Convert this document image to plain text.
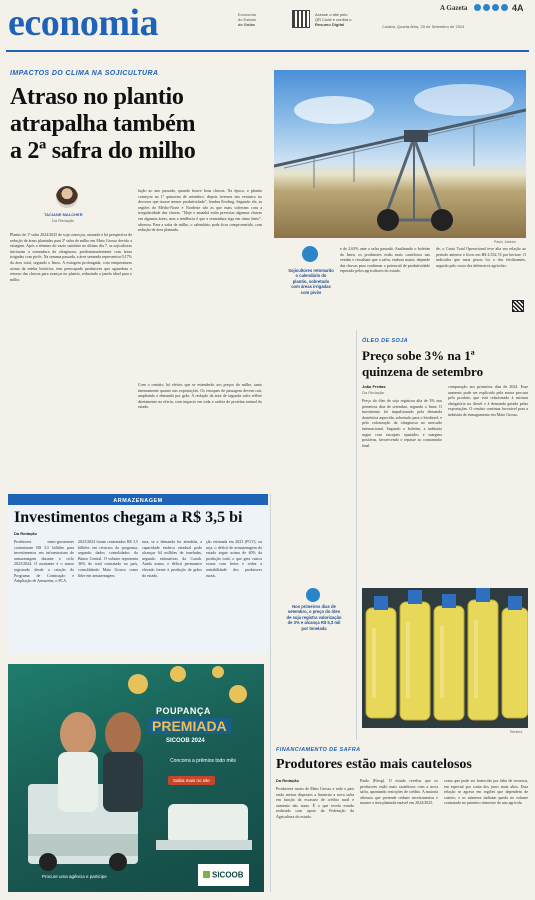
economia	Economia
do Estado
de Goiás
Acesse o site pelo
QR Code e confira o
Resumo Digital
A Gazeta	4A
Cuiabá, Quarta-feira, 25 de Setembro de 2024
IMPACTOS DO CLIMA NA SOJICULTURA
Atraso no plantio
atrapalha também
a 2ª safra do milho
TACIANE MALCHER
Da Redação
Plantio de 1ª safra 2024/2025 de soja começou, atrasado e há perspectiva de redução de áreas plantadas para 2ª safra de milho em Mato Grosso devido a estiagem. Após o término do vazio sanitário no último dia 7, as sojicultoras iniciaram a semeadura da oleaginosa, predominantemente com áreas irrigadas com pivôs. Na semana passada, a área semeada representou 0,17% da área total, segundo o Imea. A estiagem prolongada, com temperaturas acima da média histórica, tem preocupado produtores que aguardam o retorno das chuvas para avançar no plantio, reduzindo a janela ideal para o milho.
lação ao ano passado, quando houve boas chuvas. Na época, o plantio começou na 1ª quinzena de setembro, depois tivemos um veranico no decorrer que trouxe menor produtividade", lembra Kveling. Segundo ele, as regiões do Médio-Norte e Nordeste são as que mais sofreram com a irregularidade das chuvas. "Hoje e amanhã estão previstas algumas chuvas em algumas áreas, mas a tendência é que a semeadura siga em ritmo lento", afirmou. Para a safra de milho, o calendário pode ficar comprometido, com redução de área plantada.
Com o cenário, há efeitos que se estenderão aos preços do milho, tanto internamente quanto nas exportações. Os estoques de passagem devem cair, ampliando a demanda por grão. A redução da área de segunda safra reflete diretamente na oferta, com impacto em toda a cadeia de proteína animal do estado.
Paulo Jubiraci
Sojicultores retomarão o calendário do plantio, sobretudo com áreas irrigadas com pivôs
e de 2,63% ante a safra passada. Analisando o boletim do Imea, os produtores estão mais cautelosos nas vendas e ressaltam que a safra, embora maior, depende das chuvas para confirmar o potencial de produtividade esperado pelos agricultores do estado.
de, o Custo Total Operacional teve alta em relação ao período anterior e ficou em R$ 4.552,74 por hectare. O indicador que mais pesou foi o dos fertilizantes, seguido pelo custo dos defensivos agrícolas.
ÓLEO DE SOJA
Preço sobe 3% na 1ª
quinzena de setembro
João Freitas
Da Redação
Preço do óleo de soja registrou alta de 3% nos primeiros dias de setembro, segundo o Imea. O movimento foi impulsionado pela demanda doméstica aquecida, sobretudo para o biodiesel, e pela valorização da oleaginosa no mercado internacional. Segundo o boletim, a indústria segue com estoques ajustados e margens positivas, favorecendo o repasse ao consumidor final.
comparação aos primeiros dias de 2024. Esse aumento pode ser explicado pela maior procura pelo produto, que está relacionado à mistura obrigatória no diesel e à demanda gerada pelas exportações. O cenário continua favorável para a indústria de esmagamento em Mato Grosso.
Reuters
Nos primeiros dias de setembro, o preço do óleo de soja registra valorização de 3% e alcança R$ 5,3 mil por tonelada
ARMAZENAGEM
Investimentos chegam a R$ 3,5 bi
Da Redação
Produtores mato-grossenses contrataram R$ 3,5 bilhões para investimentos em infraestrutura de armazenagem durante o ciclo 2023/2024. O montante é o maior registrado desde a criação do Programa de Construção e Ampliação de Armazéns, o PCA.
2023/2024 foram contratados R$ 3,5 bilhões em recursos do programa, segundo dados consolidados do Banco Central. O volume representa 36% do total contratado no país, consolidando Mato Grosso como líder em armazenagem.
tura, se a demanda for atendida, a capacidade estática estadual pode alcançar 64 milhões de toneladas, segundo estimativas da Conab. Ainda assim, o déficit permanece elevado frente à produção de grãos do estado.
ção estimada em 2023 (FGV), ou seja, o déficit de armazenagem do estado segue acima de 40% da produção total, o que gera custos extras com fretes e reduz a rentabilidade dos produtores rurais.
POUPANÇA
PREMIADA
SICOOB 2024
Concorra a prêmios todo mês
Saiba mais no site
Procure uma agência e participe	SICOOB
FINANCIAMENTO DE SAFRA
Produtores estão mais cautelosos
Da Redação
Produtores rurais de Mato Grosso e todo o país estão menos dispostos a financiar a nova safra em função da escassez de crédito rural e aumento das taxas. É o que revela estudo realizado com apoio da Federação da Agricultura do estado.
Paulo (Fiesp). O estudo revelou que os produtores estão mais cautelosos com a nova safra, apontando restrições de crédito. A maioria afirmou que pretende reduzir investimentos e manter a área plantada estável em 2024/2025.
como que pode ser fornecido por falta de recursos, em especial por conta dos juros mais altos. Essa relação se agrava em regiões que dependem de custeio, e os números indicam queda no volume contratado no primeiro trimestre do ano agrícola.
